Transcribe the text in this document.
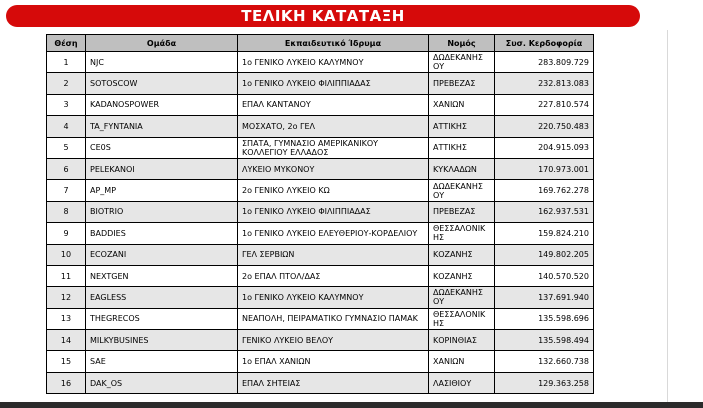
ΤΕΛΙΚΗ ΚΑΤΑΤΑΞΗ
Θέση	Ομάδα	Εκπαιδευτικό Ίδρυμα	Νομός	Συσ. Κερδοφορία
1	NJC	1ο ΓΕΝΙΚΟ ΛΥΚΕΙΟ ΚΑΛΥΜΝΟΥ	ΔΩΔΕΚΑΝΗΣ ΟΥ	283.809.729
2	SOTOSCOW	1ο ΓΕΝΙΚΟ ΛΥΚΕΙΟ ΦΙΛΙΠΠΙΑΔΑΣ	ΠΡΕΒΕΖΑΣ	232.813.083
3	KADANOSPOWER	ΕΠΑΛ ΚΑΝΤΑΝΟΥ	ΧΑΝΙΩΝ	227.810.574
4	TA_FYNTANIA	ΜΟΣΧΑΤΟ, 2ο ΓΕΛ	ΑΤΤΙΚΗΣ	220.750.483
5	CE0S	ΣΠΑΤΑ, ΓΥΜΝΑΣΙΟ ΑΜΕΡΙΚΑΝΙΚΟΥ ΚΟΛΛΕΓΙΟΥ ΕΛΛΑΔΟΣ	ΑΤΤΙΚΗΣ	204.915.093
6	PELEKANOI	ΛΥΚΕΙΟ ΜΥΚΟΝΟΥ	ΚΥΚΛΑΔΩΝ	170.973.001
7	AP_MP	2ο ΓΕΝΙΚΟ ΛΥΚΕΙΟ ΚΩ	ΔΩΔΕΚΑΝΗΣ ΟΥ	169.762.278
8	BIOTRIO	1ο ΓΕΝΙΚΟ ΛΥΚΕΙΟ ΦΙΛΙΠΠΙΑΔΑΣ	ΠΡΕΒΕΖΑΣ	162.937.531
9	BADDIES	1ο ΓΕΝΙΚΟ ΛΥΚΕΙΟ ΕΛΕΥΘΕΡΙΟΥ-ΚΟΡΔΕΛΙΟΥ	ΘΕΣΣΑΛΟΝΙΚ ΗΣ	159.824.210
10	ECOZANI	ΓΕΛ ΣΕΡΒΙΩΝ	ΚΟΖΑΝΗΣ	149.802.205
11	NEXTGEN	2ο ΕΠΑΛ ΠΤΟΛ/ΔΑΣ	ΚΟΖΑΝΗΣ	140.570.520
12	EAGLESS	1ο ΓΕΝΙΚΟ ΛΥΚΕΙΟ ΚΑΛΥΜΝΟΥ	ΔΩΔΕΚΑΝΗΣ ΟΥ	137.691.940
13	THEGRECOS	ΝΕΑΠΟΛΗ, ΠΕΙΡΑΜΑΤΙΚΟ ΓΥΜΝΑΣΙΟ ΠΑΜΑΚ	ΘΕΣΣΑΛΟΝΙΚ ΗΣ	135.598.696
14	MILKYBUSINES	ΓΕΝΙΚΟ ΛΥΚΕΙΟ ΒΕΛΟΥ	ΚΟΡΙΝΘΙΑΣ	135.598.494
15	SAE	1ο ΕΠΑΛ ΧΑΝΙΩΝ	ΧΑΝΙΩΝ	132.660.738
16	DAK_OS	ΕΠΑΛ ΣΗΤΕΙΑΣ	ΛΑΣΙΘΙΟΥ	129.363.258
